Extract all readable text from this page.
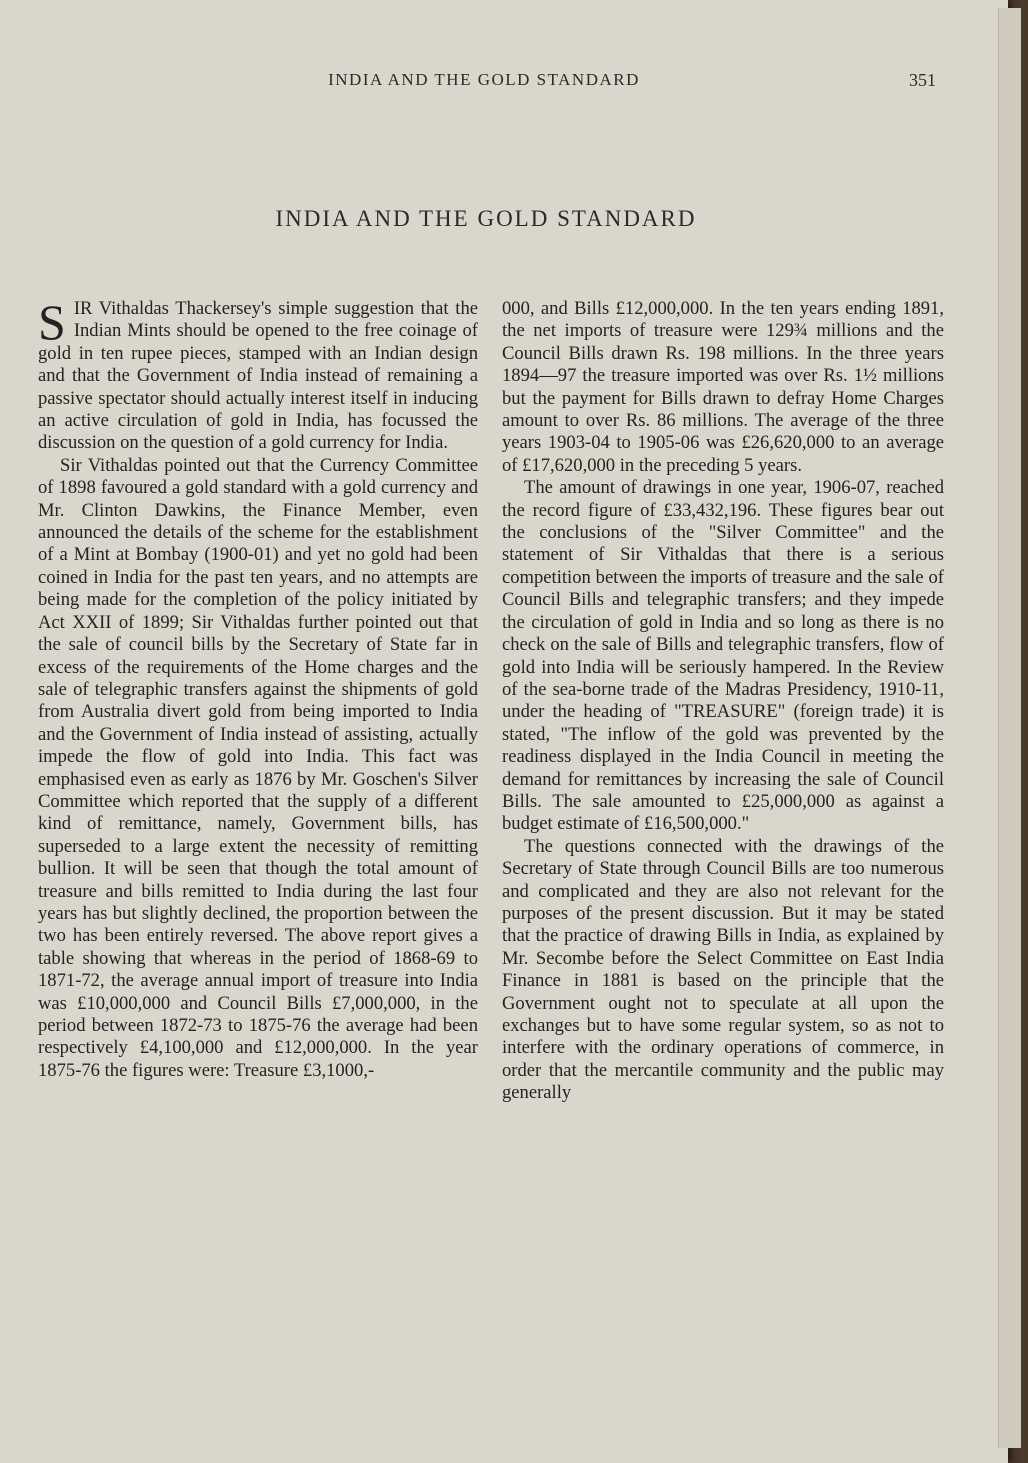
INDIA AND THE GOLD STANDARD	351
INDIA AND THE GOLD STANDARD

SIR Vithaldas Thackersey's simple suggestion that the Indian Mints should be opened to the free coinage of gold in ten rupee pieces, stamped with an Indian design and that the Government of India instead of remaining a passive spectator should actually interest itself in inducing an active circulation of gold in India, has focussed the discussion on the question of a gold currency for India.

Sir Vithaldas pointed out that the Currency Committee of 1898 favoured a gold standard with a gold currency and Mr. Clinton Dawkins, the Finance Member, even announced the details of the scheme for the establishment of a Mint at Bombay (1900-01) and yet no gold had been coined in India for the past ten years, and no attempts are being made for the completion of the policy initiated by Act XXII of 1899; Sir Vithaldas further pointed out that the sale of council bills by the Secretary of State far in excess of the requirements of the Home charges and the sale of telegraphic transfers against the shipments of gold from Australia divert gold from being imported to India and the Government of India instead of assisting, actually impede the flow of gold into India. This fact was emphasised even as early as 1876 by Mr. Goschen's Silver Committee which reported that the supply of a different kind of remittance, namely, Government bills, has superseded to a large extent the necessity of remitting bullion. It will be seen that though the total amount of treasure and bills remitted to India during the last four years has but slightly declined, the proportion between the two has been entirely reversed. The above report gives a table showing that whereas in the period of 1868-69 to 1871-72, the average annual import of treasure into India was £10,000,000 and Council Bills £7,000,000, in the period between 1872-73 to 1875-76 the average had been respectively £4,100,000 and £12,000,000. In the year 1875-76 the figures were: Treasure £3,1000,-

000, and Bills £12,000,000. In the ten years ending 1891, the net imports of treasure were 129¾ millions and the Council Bills drawn Rs. 198 millions. In the three years 1894—97 the treasure imported was over Rs. 1½ millions but the payment for Bills drawn to defray Home Charges amount to over Rs. 86 millions. The average of the three years 1903-04 to 1905-06 was £26,620,000 to an average of £17,620,000 in the preceding 5 years.

The amount of drawings in one year, 1906-07, reached the record figure of £33,432,196. These figures bear out the conclusions of the "Silver Committee" and the statement of Sir Vithaldas that there is a serious competition between the imports of treasure and the sale of Council Bills and telegraphic transfers; and they impede the circulation of gold in India and so long as there is no check on the sale of Bills and telegraphic transfers, flow of gold into India will be seriously hampered. In the Review of the sea-borne trade of the Madras Presidency, 1910-11, under the heading of "TREASURE" (foreign trade) it is stated, "The inflow of the gold was prevented by the readiness displayed in the India Council in meeting the demand for remittances by increasing the sale of Council Bills. The sale amounted to £25,000,000 as against a budget estimate of £16,500,000."

The questions connected with the drawings of the Secretary of State through Council Bills are too numerous and complicated and they are also not relevant for the purposes of the present discussion. But it may be stated that the practice of drawing Bills in India, as explained by Mr. Secombe before the Select Committee on East India Finance in 1881 is based on the principle that the Government ought not to speculate at all upon the exchanges but to have some regular system, so as not to interfere with the ordinary operations of commerce, in order that the mercantile community and the public may generally
